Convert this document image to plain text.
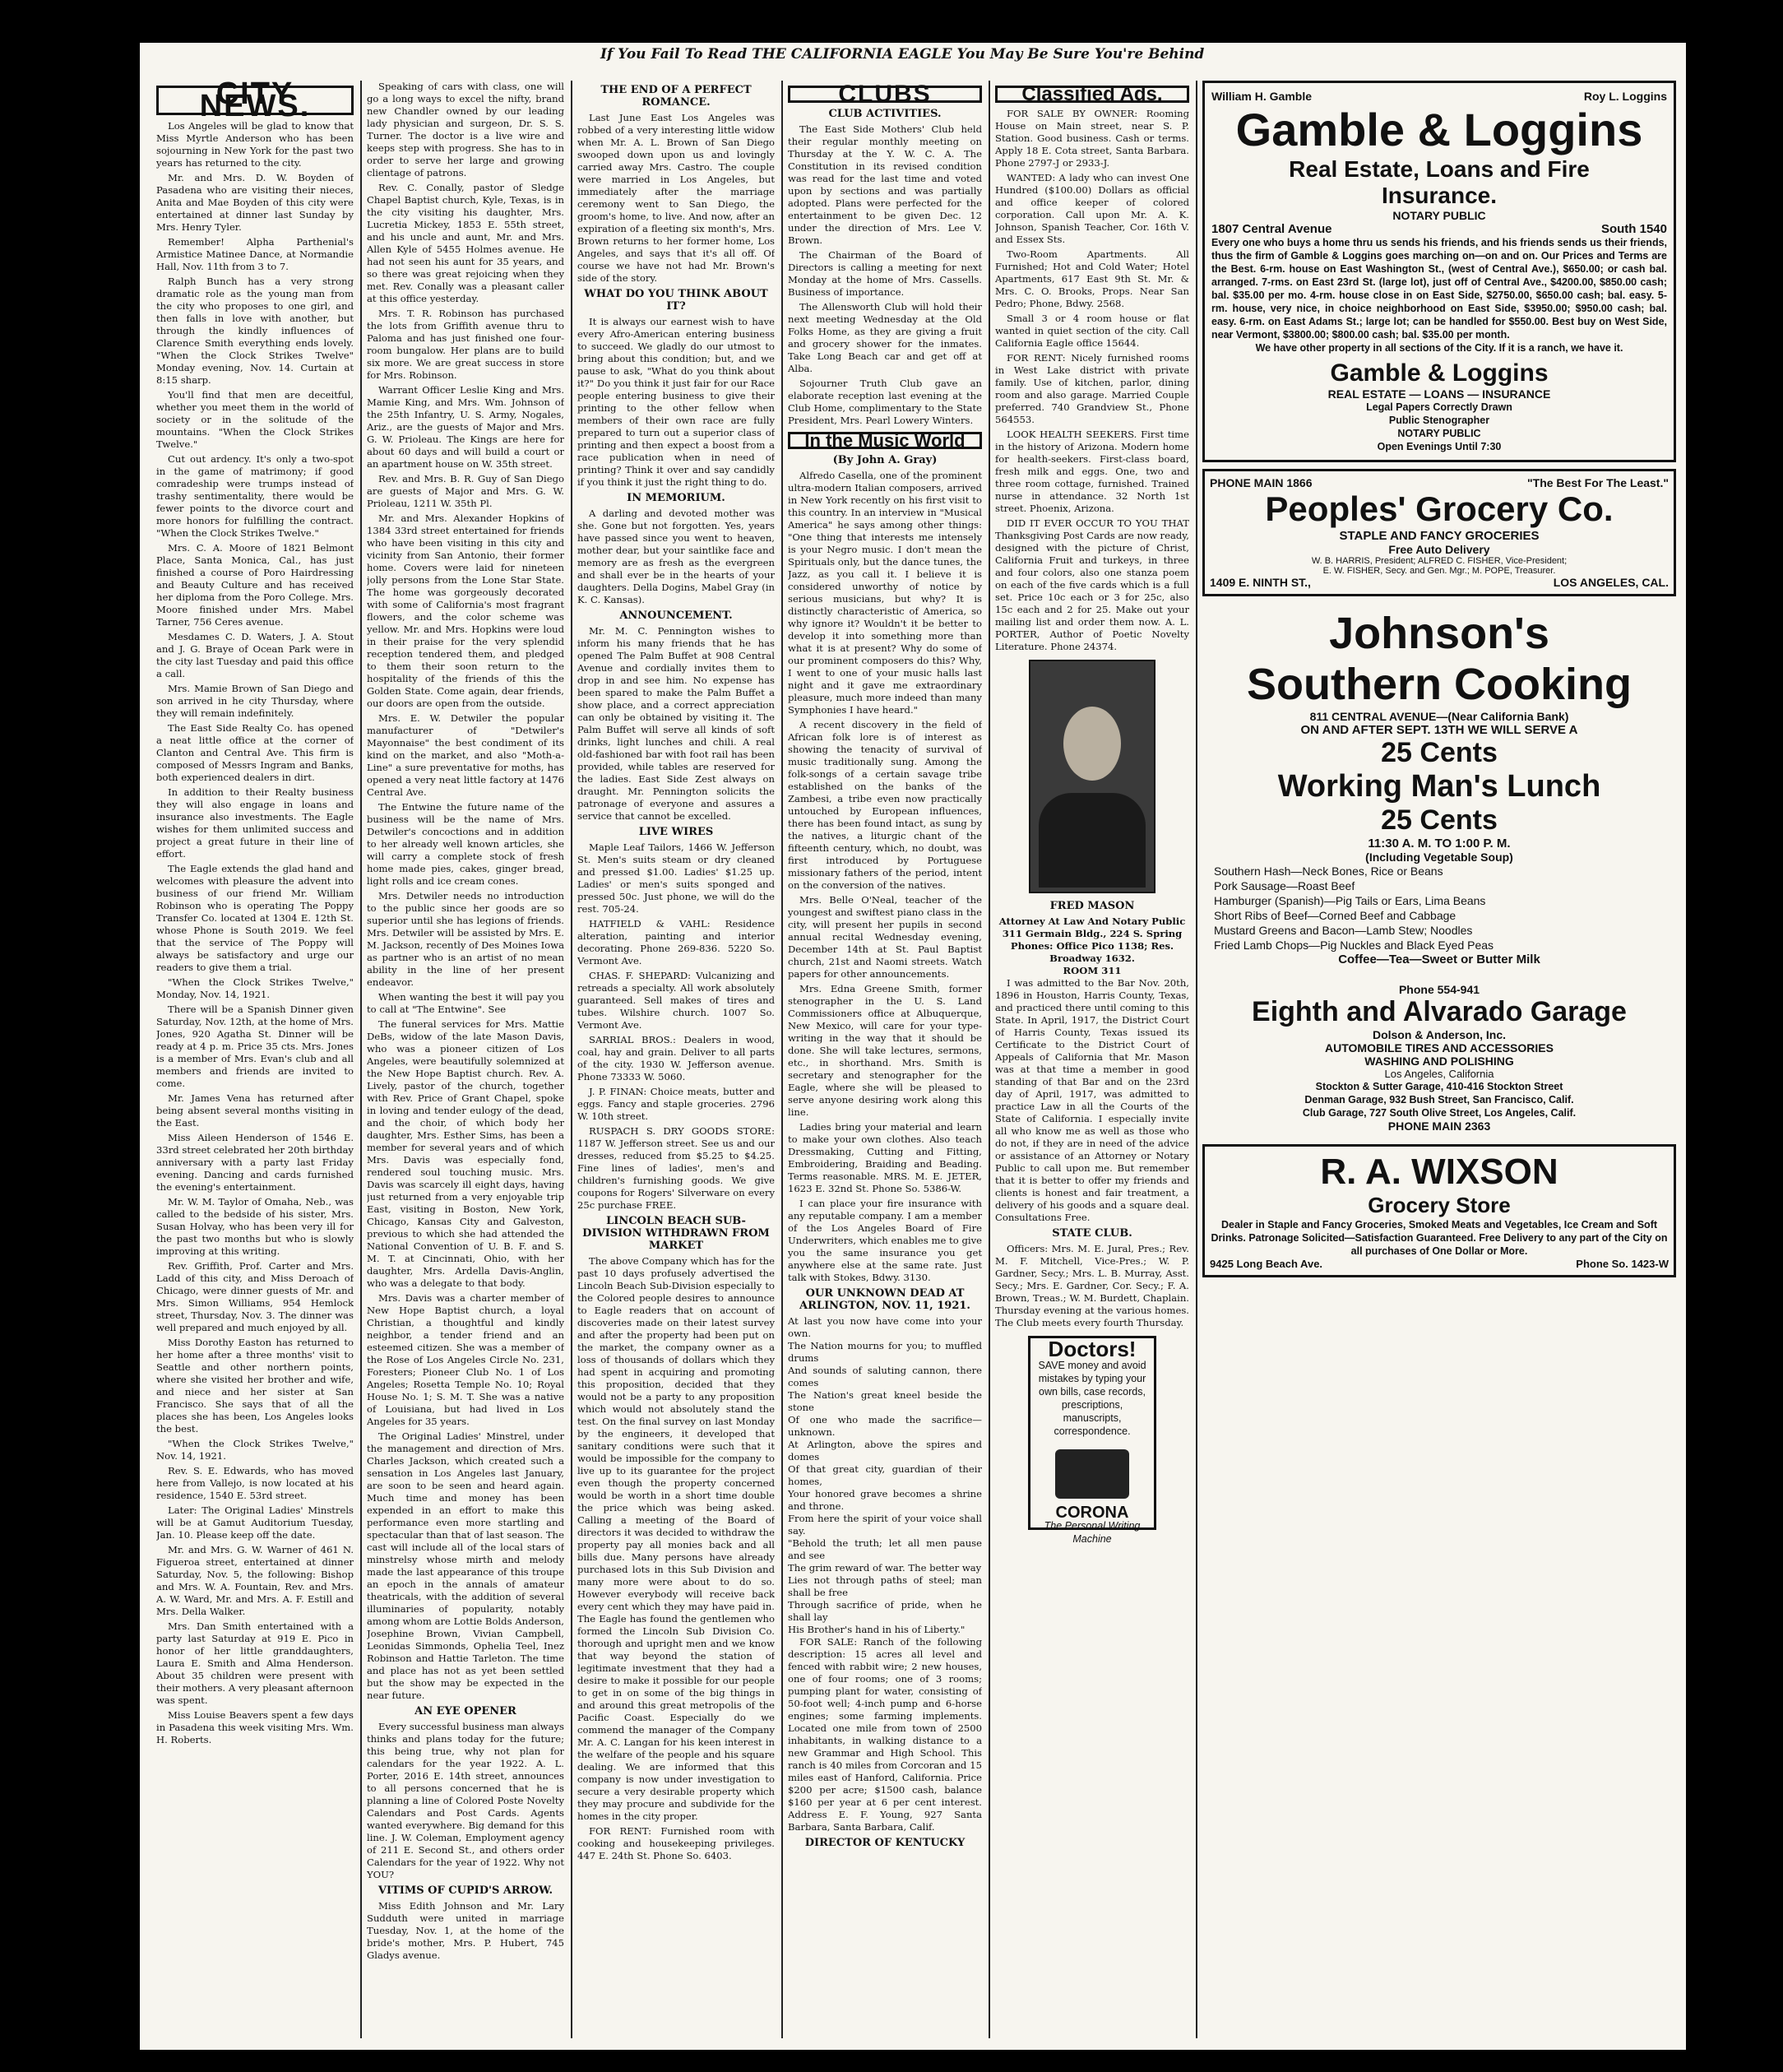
If You Fail To Read THE CALIFORNIA EAGLE You May Be Sure You're Behind
CITY NEWS.

Los Angeles will be glad to know that Miss Myrtle Anderson who has been sojourning in New York for the past two years has returned to the city.

Mr. and Mrs. D. W. Boyden of Pasadena who are visiting their nieces, Anita and Mae Boyden of this city were entertained at dinner last Sunday by Mrs. Henry Tyler.

Remember! Alpha Parthenial's Armistice Matinee Dance, at Normandie Hall, Nov. 11th from 3 to 7.

Ralph Bunch has a very strong dramatic role as the young man from the city who proposes to one girl, and then falls in love with another, but through the kindly influences of Clarence Smith everything ends lovely. "When the Clock Strikes Twelve" Monday evening, Nov. 14. Curtain at 8:15 sharp.

You'll find that men are deceitful, whether you meet them in the world of society or in the solitude of the mountains. "When the Clock Strikes Twelve."

Cut out ardency. It's only a two-spot in the game of matrimony; if good comradeship were trumps instead of trashy sentimentality, there would be fewer points to the divorce court and more honors for fulfilling the contract. "When the Clock Strikes Twelve."

Mrs. C. A. Moore of 1821 Belmont Place, Santa Monica, Cal., has just finished a course of Poro Hairdressing and Beauty Culture and has received her diploma from the Poro College. Mrs. Moore finished under Mrs. Mabel Tarner, 756 Ceres avenue.

Mesdames C. D. Waters, J. A. Stout and J. G. Braye of Ocean Park were in the city last Tuesday and paid this office a call.

Mrs. Mamie Brown of San Diego and son arrived in he city Thursday, where they will remain indefinitely.

The East Side Realty Co. has opened a neat little office at the corner of Clanton and Central Ave. This firm is composed of Messrs Ingram and Banks, both experienced dealers in dirt.

In addition to their Realty business they will also engage in loans and insurance also investments. The Eagle wishes for them unlimited success and project a great future in their line of effort.

The Eagle extends the glad hand and welcomes with pleasure the advent into business of our friend Mr. William Robinson who is operating The Poppy Transfer Co. located at 1304 E. 12th St. whose Phone is South 2019. We feel that the service of The Poppy will always be satisfactory and urge our readers to give them a trial.

"When the Clock Strikes Twelve," Monday, Nov. 14, 1921.

There will be a Spanish Dinner given Saturday, Nov. 12th, at the home of Mrs. Jones, 920 Agatha St. Dinner will be ready at 4 p. m. Price 35 cts. Mrs. Jones is a member of Mrs. Evan's club and all members and friends are invited to come.

Mr. James Vena has returned after being absent several months visiting in the East.

Miss Aileen Henderson of 1546 E. 33rd street celebrated her 20th birthday anniversary with a party last Friday evening. Dancing and cards furnished the evening's entertainment.

Mr. W. M. Taylor of Omaha, Neb., was called to the bedside of his sister, Mrs. Susan Holvay, who has been very ill for the past two months but who is slowly improving at this writing.

Rev. Griffith, Prof. Carter and Mrs. Ladd of this city, and Miss Deroach of Chicago, were dinner guests of Mr. and Mrs. Simon Williams, 954 Hemlock street, Thursday, Nov. 3. The dinner was well prepared and much enjoyed by all.

Miss Dorothy Easton has returned to her home after a three months' visit to Seattle and other northern points, where she visited her brother and wife, and niece and her sister at San Francisco. She says that of all the places she has been, Los Angeles looks the best.

"When the Clock Strikes Twelve," Nov. 14, 1921.

Rev. S. E. Edwards, who has moved here from Vallejo, is now located at his residence, 1540 E. 53rd street.

Later: The Original Ladies' Minstrels will be at Gamut Auditorium Tuesday, Jan. 10. Please keep off the date.

Mr. and Mrs. G. W. Warner of 461 N. Figueroa street, entertained at dinner Saturday, Nov. 5, the following: Bishop and Mrs. W. A. Fountain, Rev. and Mrs. A. W. Ward, Mr. and Mrs. A. F. Estill and Mrs. Della Walker.

Mrs. Dan Smith entertained with a party last Saturday at 919 E. Pico in honor of her little granddaughters, Laura E. Smith and Alma Henderson. About 35 children were present with their mothers. A very pleasant afternoon was spent.

Miss Louise Beavers spent a few days in Pasadena this week visiting Mrs. Wm. H. Roberts.

Speaking of cars with class, one will go a long ways to excel the nifty, brand new Chandler owned by our leading lady physician and surgeon, Dr. S. S. Turner. The doctor is a live wire and keeps step with progress. She has to in order to serve her large and growing clientage of patrons.

Rev. C. Conally, pastor of Sledge Chapel Baptist church, Kyle, Texas, is in the city visiting his daughter, Mrs. Lucretia Mickey, 1853 E. 55th street, and his uncle and aunt, Mr. and Mrs. Allen Kyle of 5455 Holmes avenue. He had not seen his aunt for 35 years, and so there was great rejoicing when they met. Rev. Conally was a pleasant caller at this office yesterday.

Mrs. T. R. Robinson has purchased the lots from Griffith avenue thru to Paloma and has just finished one four-room bungalow. Her plans are to build six more. We are great success in store for Mrs. Robinson.

Warrant Officer Leslie King and Mrs. Mamie King, and Mrs. Wm. Johnson of the 25th Infantry, U. S. Army, Nogales, Ariz., are the guests of Major and Mrs. G. W. Prioleau. The Kings are here for about 60 days and will build a court or an apartment house on W. 35th street.

Rev. and Mrs. B. R. Guy of San Diego are guests of Major and Mrs. G. W. Prioleau, 1211 W. 35th Pl.

Mr. and Mrs. Alexander Hopkins of 1384 33rd street entertained for friends who have been visiting in this city and vicinity from San Antonio, their former home. Covers were laid for nineteen jolly persons from the Lone Star State. The home was gorgeously decorated with some of California's most fragrant flowers, and the color scheme was yellow. Mr. and Mrs. Hopkins were loud in their praise for the very splendid reception tendered them, and pledged to them their soon return to the hospitality of the friends of this the Golden State. Come again, dear friends, our doors are open from the outside.

Mrs. E. W. Detwiler the popular manufacturer of "Detwiler's Mayonnaise" the best condiment of its kind on the market, and also "Moth-a-Line" a sure preventative for moths, has opened a very neat little factory at 1476 Central Ave.

The Entwine the future name of the business will be the name of Mrs. Detwiler's concoctions and in addition to her already well known articles, she will carry a complete stock of fresh home made pies, cakes, ginger bread, light rolls and ice cream cones.

Mrs. Detwiler needs no introduction to the public since her goods are so superior until she has legions of friends. Mrs. Detwiler will be assisted by Mrs. E. M. Jackson, recently of Des Moines Iowa as partner who is an artist of no mean ability in the line of her present endeavor.

When wanting the best it will pay you to call at "The Entwine". See

The funeral services for Mrs. Mattie DeBs, widow of the late Mason Davis, who was a pioneer citizen of Los Angeles, were beautifully solemnized at the New Hope Baptist church. Rev. A. Lively, pastor of the church, together with Rev. Price of Grant Chapel, spoke in loving and tender eulogy of the dead, and the choir, of which body her daughter, Mrs. Esther Sims, has been a member for several years and of which Mrs. Davis was especially fond, rendered soul touching music. Mrs. Davis was scarcely ill eight days, having just returned from a very enjoyable trip East, visiting in Boston, New York, Chicago, Kansas City and Galveston, previous to which she had attended the National Convention of U. B. F. and S. M. T. at Cincinnati, Ohio, with her daughter, Mrs. Ardella Davis-Anglin, who was a delegate to that body.

Mrs. Davis was a charter member of New Hope Baptist church, a loyal Christian, a thoughtful and kindly neighbor, a tender friend and an esteemed citizen. She was a member of the Rose of Los Angeles Circle No. 231, Foresters; Pioneer Club No. 1 of Los Angeles; Rosetta Temple No. 10; Royal House No. 1; S. M. T. She was a native of Louisiana, but had lived in Los Angeles for 35 years.

The Original Ladies' Minstrel, under the management and direction of Mrs. Charles Jackson, which created such a sensation in Los Angeles last January, are soon to be seen and heard again. Much time and money has been expended in an effort to make this performance even more startling and spectacular than that of last season. The cast will include all of the local stars of minstrelsy whose mirth and melody made the last appearance of this troupe an epoch in the annals of amateur theatricals, with the addition of several illuminaries of popularity, notably among whom are Lottie Bolds Anderson, Josephine Brown, Vivian Campbell, Leonidas Simmonds, Ophelia Teel, Inez Robinson and Hattie Tarleton. The time and place has not as yet been settled but the show may be expected in the near future.

AN EYE OPENER

Every successful business man always thinks and plans today for the future; this being true, why not plan for calendars for the year 1922. A. L. Porter, 2016 E. 14th street, announces to all persons concerned that he is planning a line of Colored Poste Novelty Calendars and Post Cards. Agents wanted everywhere. Big demand for this line. J. W. Coleman, Employment agency of 211 E. Second St., and others order Calendars for the year of 1922. Why not YOU?

VITIMS OF CUPID'S ARROW.

Miss Edith Johnson and Mr. Lary Sudduth were united in marriage Tuesday, Nov. 1, at the home of the bride's mother, Mrs. P. Hubert, 745 Gladys avenue.

THE END OF A PERFECT ROMANCE.

Last June East Los Angeles was robbed of a very interesting little widow when Mr. A. L. Brown of San Diego swooped down upon us and lovingly carried away Mrs. Castro. The couple were married in Los Angeles, but immediately after the marriage ceremony went to San Diego, the groom's home, to live. And now, after an expiration of a fleeting six month's, Mrs. Brown returns to her former home, Los Angeles, and says that it's all off. Of course we have not had Mr. Brown's side of the story.

WHAT DO YOU THINK ABOUT IT?

It is always our earnest wish to have every Afro-American entering business to succeed. We gladly do our utmost to bring about this condition; but, and we pause to ask, "What do you think about it?" Do you think it just fair for our Race people entering business to give their printing to the other fellow when members of their own race are fully prepared to turn out a superior class of printing and then expect a boost from a race publication when in need of printing? Think it over and say candidly if you think it just the right thing to do.

IN MEMORIUM.

A darling and devoted mother was she. Gone but not forgotten. Yes, years have passed since you went to heaven, mother dear, but your saintlike face and memory are as fresh as the evergreen and shall ever be in the hearts of your daughters. Della Dogins, Mabel Gray (in K. C. Kansas).

ANNOUNCEMENT.

Mr. M. C. Pennington wishes to inform his many friends that he has opened The Palm Buffet at 908 Central Avenue and cordially invites them to drop in and see him. No expense has been spared to make the Palm Buffet a show place, and a correct appreciation can only be obtained by visiting it. The Palm Buffet will serve all kinds of soft drinks, light lunches and chili. A real old-fashioned bar with foot rail has been provided, while tables are reserved for the ladies. East Side Zest always on draught. Mr. Pennington solicits the patronage of everyone and assures a service that cannot be excelled.

LIVE WIRES

Maple Leaf Tailors, 1466 W. Jefferson St. Men's suits steam or dry cleaned and pressed $1.00. Ladies' $1.25 up. Ladies' or men's suits sponged and pressed 50c. Just phone, we will do the rest. 705-24.

HATFIELD & VAHL: Residence alteration, painting and interior decorating. Phone 269-836. 5220 So. Vermont Ave.

CHAS. F. SHEPARD: Vulcanizing and retreads a specialty. All work absolutely guaranteed. Sell makes of tires and tubes. Wilshire church. 1007 So. Vermont Ave.

SARRIAL BROS.: Dealers in wood, coal, hay and grain. Deliver to all parts of the city. 1930 W. Jefferson avenue. Phone 73333 W. 5060.

J. P. FINAN: Choice meats, butter and eggs. Fancy and staple groceries. 2796 W. 10th street.

RUSPACH S. DRY GOODS STORE: 1187 W. Jefferson street. See us and our dresses, reduced from $5.25 to $4.25. Fine lines of ladies', men's and children's furnishing goods. We give coupons for Rogers' Silverware on every 25c purchase FREE.

LINCOLN BEACH SUB-DIVISION WITHDRAWN FROM MARKET

The above Company which has for the past 10 days profusely advertised the Lincoln Beach Sub-Division especially to the Colored people desires to announce to Eagle readers that on account of discoveries made on their latest survey and after the property had been put on the market, the company owner as a loss of thousands of dollars which they had spent in acquiring and promoting this proposition, decided that they would not be a party to any proposition which would not absolutely stand the test. On the final survey on last Monday by the engineers, it developed that sanitary conditions were such that it would be impossible for the company to live up to its guarantee for the project even though the property concerned would be worth in a short time double the price which was being asked. Calling a meeting of the Board of directors it was decided to withdraw the property pay all monies back and all bills due. Many persons have already purchased lots in this Sub Division and many more were about to do so. However everybody will receive back every cent which they may have paid in. The Eagle has found the gentlemen who formed the Lincoln Sub Division Co. thorough and upright men and we know that way beyond the station of legitimate investment that they had a desire to make it possible for our people to get in on some of the big things in and around this great metropolis of the Pacific Coast. Especially do we commend the manager of the Company Mr. A. C. Langan for his keen interest in the welfare of the people and his square dealing. We are informed that this company is now under investigation to secure a very desirable property which they may procure and subdivide for the homes in the city proper.

FOR RENT: Furnished room with cooking and housekeeping privileges. 447 E. 24th St. Phone So. 6403.

CLUBS

CLUB ACTIVITIES.

The East Side Mothers' Club held their regular monthly meeting on Thursday at the Y. W. C. A. The Constitution in its revised condition was read for the last time and voted upon by sections and was partially adopted. Plans were perfected for the entertainment to be given Dec. 12 under the direction of Mrs. Lee V. Brown.

The Chairman of the Board of Directors is calling a meeting for next Monday at the home of Mrs. Cassells. Business of importance.

The Allensworth Club will hold their next meeting Wednesday at the Old Folks Home, as they are giving a fruit and grocery shower for the inmates. Take Long Beach car and get off at Alba.

Sojourner Truth Club gave an elaborate reception last evening at the Club Home, complimentary to the State President, Mrs. Pearl Lowery Winters.

In the Music World

(By John A. Gray)

Alfredo Casella, one of the prominent ultra-modern Italian composers, arrived in New York recently on his first visit to this country. In an interview in "Musical America" he says among other things: "One thing that interests me intensely is your Negro music. I don't mean the Spirituals only, but the dance tunes, the Jazz, as you call it. I believe it is considered unworthy of notice by serious musicians, but why? It is distinctly characteristic of America, so why ignore it? Wouldn't it be better to develop it into something more than what it is at present? Why do some of our prominent composers do this? Why, I went to one of your music halls last night and it gave me extraordinary pleasure, much more indeed than many Symphonies I have heard."

A recent discovery in the field of African folk lore is of interest as showing the tenacity of survival of music traditionally sung. Among the folk-songs of a certain savage tribe established on the banks of the Zambesi, a tribe even now practically untouched by European influences, there has been found intact, as sung by the natives, a liturgic chant of the fifteenth century, which, no doubt, was first introduced by Portuguese missionary fathers of the period, intent on the conversion of the natives.

Mrs. Belle O'Neal, teacher of the youngest and swiftest piano class in the city, will present her pupils in second annual recital Wednesday evening, December 14th at St. Paul Baptist church, 21st and Naomi streets. Watch papers for other announcements.

Mrs. Edna Greene Smith, former stenographer in the U. S. Land Commissioners office at Albuquerque, New Mexico, will care for your type-writing in the way that it should be done. She will take lectures, sermons, etc., in shorthand. Mrs. Smith is secretary and stenographer for the Eagle, where she will be pleased to serve anyone desiring work along this line.

Ladies bring your material and learn to make your own clothes. Also teach Dressmaking, Cutting and Fitting, Embroidering, Braiding and Beading. Terms reasonable. MRS. M. E. JETER, 1623 E. 32nd St. Phone So. 5386-W.

I can place your fire insurance with any reputable company. I am a member of the Los Angeles Board of Fire Underwriters, which enables me to give you the same insurance you get anywhere else at the same rate. Just talk with Stokes, Bdwy. 3130.

OUR UNKNOWN DEAD AT ARLINGTON, NOV. 11, 1921.

At last you now have come into your own.
The Nation mourns for you; to muffled drums
And sounds of saluting cannon, there comes
The Nation's great kneel beside the stone
Of one who made the sacrifice—unknown.
At Arlington, above the spires and domes
Of that great city, guardian of their homes,
Your honored grave becomes a shrine and throne.
From here the spirit of your voice shall say.
"Behold the truth; let all men pause and see
The grim reward of war. The better way
Lies not through paths of steel; man shall be free
Through sacrifice of pride, when he shall lay
His Brother's hand in his of Liberty."

FOR SALE: Ranch of the following description: 15 acres all level and fenced with rabbit wire; 2 new houses, one of four rooms; one of 3 rooms; pumping plant for water, consisting of 50-foot well; 4-inch pump and 6-horse engines; some farming implements. Located one mile from town of 2500 inhabitants, in walking distance to a new Grammar and High School. This ranch is 40 miles from Corcoran and 15 miles east of Hanford, California. Price $200 per acre; $1500 cash, balance $160 per year at 6 per cent interest. Address E. F. Young, 927 Santa Barbara, Santa Barbara, Calif.

DIRECTOR OF KENTUCKY

Classified Ads.

FOR SALE BY OWNER: Rooming House on Main street, near S. P. Station. Good business. Cash or terms. Apply 18 E. Cota street, Santa Barbara. Phone 2797-J or 2933-J.

WANTED: A lady who can invest One Hundred ($100.00) Dollars as official and office keeper of colored corporation. Call upon Mr. A. K. Johnson, Spanish Teacher, Cor. 16th V. and Essex Sts.

Two-Room Apartments. All Furnished; Hot and Cold Water; Hotel Apartments, 617 East 9th St. Mr. & Mrs. C. O. Brooks, Props. Near San Pedro; Phone, Bdwy. 2568.

Small 3 or 4 room house or flat wanted in quiet section of the city. Call California Eagle office 15644.

FOR RENT: Nicely furnished rooms in West Lake district with private family. Use of kitchen, parlor, dining room and also garage. Married Couple preferred. 740 Grandview St., Phone 564553.

LOOK HEALTH SEEKERS. First time in the history of Arizona. Modern home for health-seekers. First-class board, fresh milk and eggs. One, two and three room cottage, furnished. Trained nurse in attendance. 32 North 1st street. Phoenix, Arizona.

DID IT EVER OCCUR TO YOU THAT Thanksgiving Post Cards are now ready, designed with the picture of Christ, California Fruit and turkeys, in three and four colors, also one stanza poem on each of the five cards which is a full set. Price 10c each or 3 for 25c, also 15c each and 2 for 25. Make out your mailing list and order them now. A. L. PORTER, Author of Poetic Novelty Literature. Phone 24374.

FRED MASON

Attorney At Law And Notary Public
311 Germain Bldg., 224 S. Spring
Phones: Office Pico 1138; Res.
Broadway 1632.
ROOM 311

I was admitted to the Bar Nov. 20th, 1896 in Houston, Harris County, Texas, and practiced there until coming to this State. In April, 1917, the District Court of Harris County, Texas issued its Certificate to the District Court of Appeals of California that Mr. Mason was at that time a member in good standing of that Bar and on the 23rd day of April, 1917, was admitted to practice Law in all the Courts of the State of California. I especially invite all who know me as well as those who do not, if they are in need of the advice or assistance of an Attorney or Notary Public to call upon me. But remember that it is better to offer my friends and clients is honest and fair treatment, a delivery of his goods and a square deal. Consultations Free.

STATE CLUB.

Officers: Mrs. M. E. Jural, Pres.; Rev. M. F. Mitchell, Vice-Pres.; W. P. Gardner, Secy.; Mrs. L. B. Murray, Asst. Secy.; Mrs. E. Gardner, Cor. Secy.; F. A. Brown, Treas.; W. M. Burdett, Chaplain. Thursday evening at the various homes. The Club meets every fourth Thursday.

Doctors!
SAVE money and avoid mistakes by typing your own bills, case records, prescriptions, manuscripts, correspondence.
CORONA
The Personal Writing Machine
William H. Gamble	Roy L. Loggins
Gamble & Loggins
Real Estate, Loans and Fire
Insurance.
NOTARY PUBLIC
1807 Central Avenue	South 1540
Every one who buys a home thru us sends his friends, and his friends sends us their friends, thus the firm of Gamble & Loggins goes marching on—on and on. Our Prices and Terms are the Best. 6-rm. house on East Washington St., (west of Central Ave.), $650.00; or cash bal. arranged. 7-rms. on East 23rd St. (large lot), just off of Central Ave., $4200.00, $850.00 cash; bal. $35.00 per mo. 4-rm. house close in on East Side, $2750.00, $650.00 cash; bal. easy. 5-rm. house, very nice, in choice neighborhood on East Side, $3950.00; $950.00 cash; bal. easy. 6-rm. on East Adams St.; large lot; can be handled for $550.00. Best buy on West Side, near Vermont, $3800.00; $800.00 cash; bal. $35.00 per month.
We have other property in all sections of the City. If it is a ranch, we have it.
Gamble & Loggins
REAL ESTATE — LOANS — INSURANCE
Legal Papers Correctly Drawn
Public Stenographer
NOTARY PUBLIC
Open Evenings Until 7:30
PHONE MAIN 1866	"The Best For The Least."
Peoples' Grocery Co.
STAPLE AND FANCY GROCERIES
Free Auto Delivery
W. B. HARRIS, President; ALFRED C. FISHER, Vice-President;
E. W. FISHER, Secy. and Gen. Mgr.; M. POPE, Treasurer.
1409 E. NINTH ST.,	LOS ANGELES, CAL.
Johnson's
Southern Cooking
811 CENTRAL AVENUE—(Near California Bank)
ON AND AFTER SEPT. 13TH WE WILL SERVE A
25 Cents
Working Man's Lunch
25 Cents
11:30 A. M. TO 1:00 P. M.
(Including Vegetable Soup)
Southern Hash—Neck Bones, Rice or Beans
Pork Sausage—Roast Beef
Hamburger (Spanish)—Pig Tails or Ears, Lima Beans
Short Ribs of Beef—Corned Beef and Cabbage
Mustard Greens and Bacon—Lamb Stew; Noodles
Fried Lamb Chops—Pig Nuckles and Black Eyed Peas
Coffee—Tea—Sweet or Butter Milk
Phone 554-941
Eighth and Alvarado Garage
Dolson & Anderson, Inc.
AUTOMOBILE TIRES AND ACCESSORIES
WASHING AND POLISHING
Los Angeles, California
Stockton & Sutter Garage, 410-416 Stockton Street
Denman Garage, 932 Bush Street, San Francisco, Calif.
Club Garage, 727 South Olive Street, Los Angeles, Calif.
PHONE MAIN 2363
R. A. WIXSON
Grocery Store
Dealer in Staple and Fancy Groceries, Smoked Meats and Vegetables, Ice Cream and Soft Drinks. Patronage Solicited—Satisfaction Guaranteed. Free Delivery to any part of the City on all purchases of One Dollar or More.
9425 Long Beach Ave.	Phone So. 1423-W
